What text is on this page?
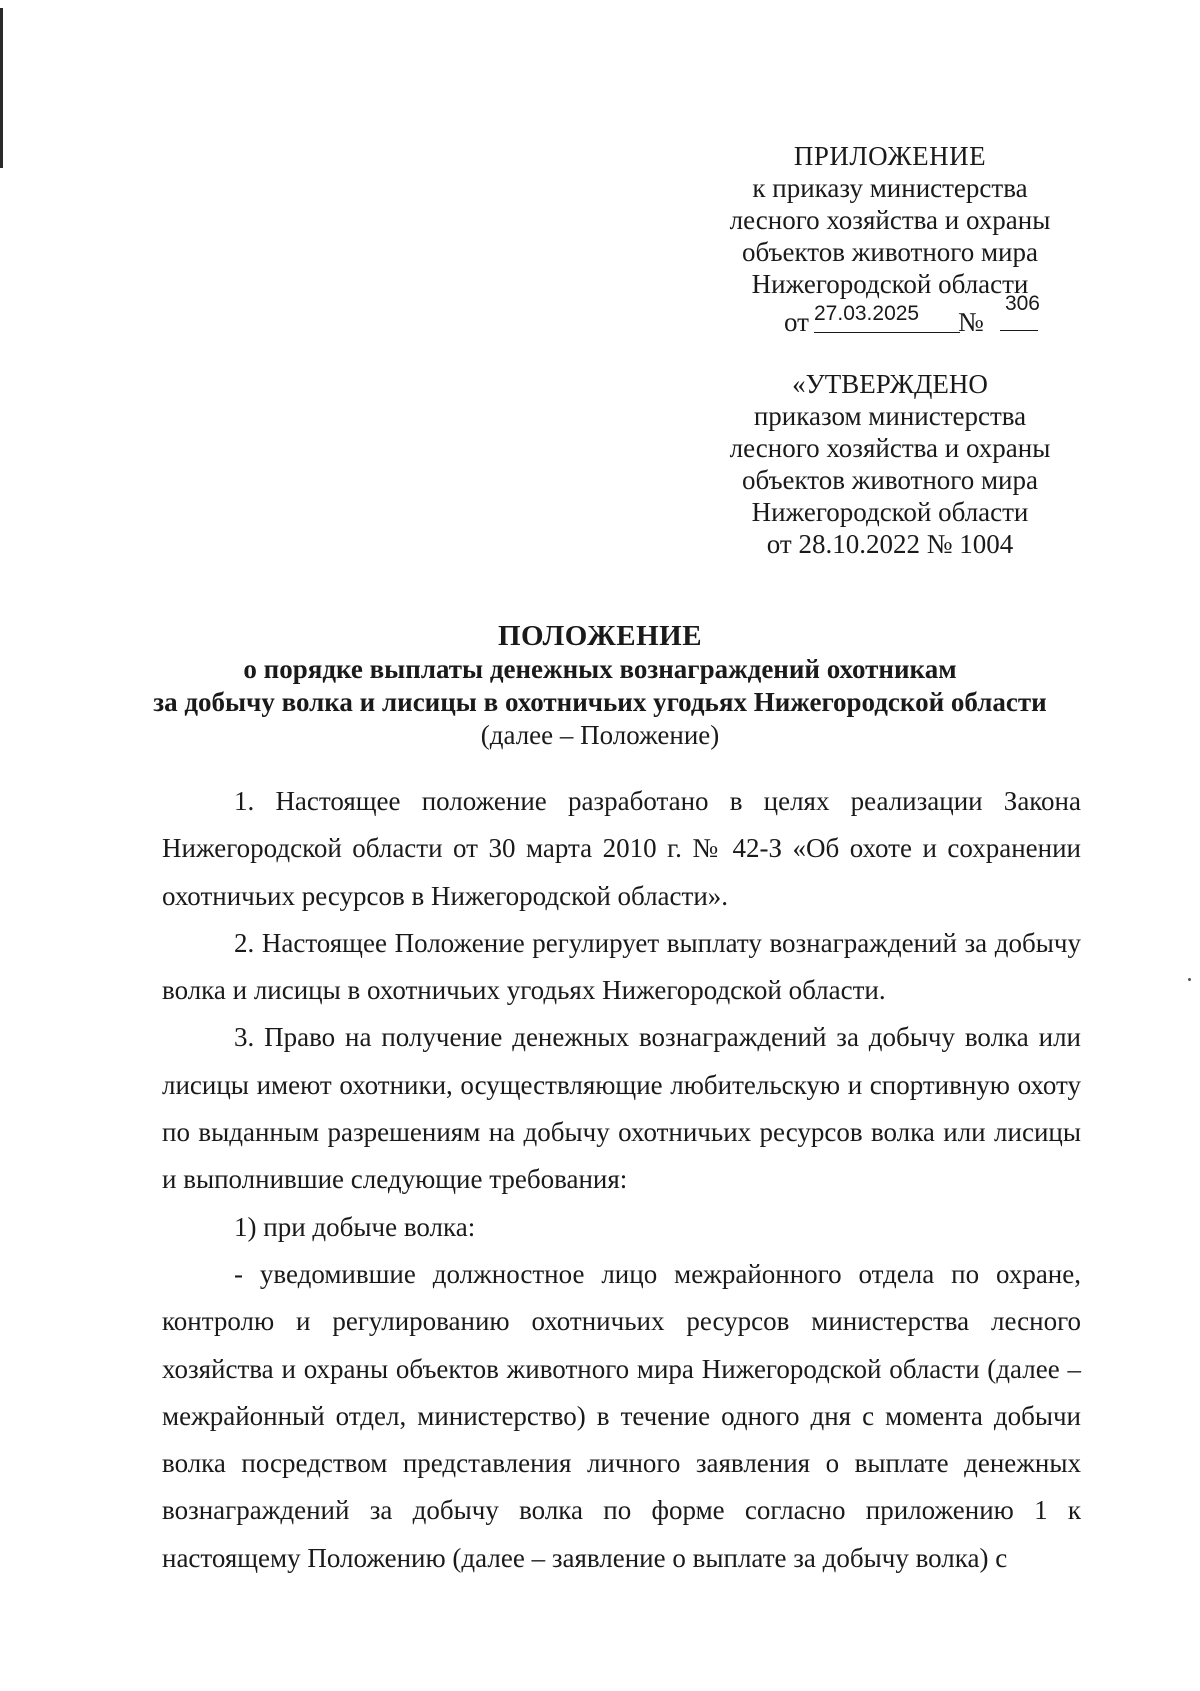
ПРИЛОЖЕНИЕ
к приказу министерства
лесного хозяйства и охраны
объектов животного мира
Нижегородской области
от 27.03.2025	№
306
«УТВЕРЖДЕНО
приказом министерства
лесного хозяйства и охраны
объектов животного мира
Нижегородской области
от 28.10.2022 № 1004
ПОЛОЖЕНИЕ
о порядке выплаты денежных вознаграждений охотникам
за добычу волка и лисицы в охотничьих угодьях Нижегородской области
(далее – Положение)

1. Настоящее положение разработано в целях реализации Закона Нижегородской области от 30 марта 2010 г. № 42-З «Об охоте и сохранении охотничьих ресурсов в Нижегородской области».

2. Настоящее Положение регулирует выплату вознаграждений за добычу волка и лисицы в охотничьих угодьях Нижегородской области.

3. Право на получение денежных вознаграждений за добычу волка или лисицы имеют охотники, осуществляющие любительскую и спортивную охоту по выданным разрешениям на добычу охотничьих ресурсов волка или лисицы и выполнившие следующие требования:

1) при добыче волка:

- уведомившие должностное лицо межрайонного отдела по охране, контролю и регулированию охотничьих ресурсов министерства лесного хозяйства и охраны объектов животного мира Нижегородской области (далее – межрайонный отдел, министерство) в течение одного дня с момента добычи волка посредством представления личного заявления о выплате денежных вознаграждений за добычу волка по форме согласно приложению 1 к настоящему Положению (далее – заявление о выплате за добычу волка) с
